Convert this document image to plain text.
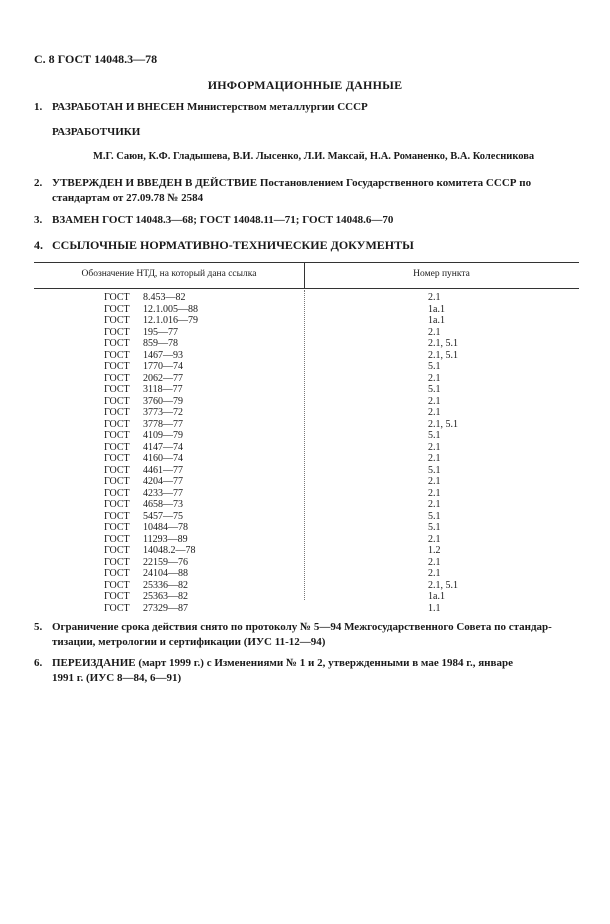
С. 8 ГОСТ 14048.3—78
ИНФОРМАЦИОННЫЕ ДАННЫЕ
1. РАЗРАБОТАН И ВНЕСЕН Министерством металлургии СССР
РАЗРАБОТЧИКИ
М.Г. Саюн, К.Ф. Гладышева, В.И. Лысенко, Л.И. Максай, Н.А. Романенко, В.А. Колесникова
2. УТВЕРЖДЕН И ВВЕДЕН В ДЕЙСТВИЕ Постановлением Государственного комитета СССР по
стандартам от 27.09.78 № 2584
3. ВЗАМЕН ГОСТ 14048.3—68; ГОСТ 14048.11—71; ГОСТ 14048.6—70
4. ССЫЛОЧНЫЕ НОРМАТИВНО-ТЕХНИЧЕСКИЕ ДОКУМЕНТЫ
Обозначение НТД, на который дана ссылка	Номер пункта
ГОСТ	8.453—82	2.1
ГОСТ	12.1.005—88	1а.1
ГОСТ	12.1.016—79	1а.1
ГОСТ	195—77	2.1
ГОСТ	859—78	2.1, 5.1
ГОСТ	1467—93	2.1, 5.1
ГОСТ	1770—74	5.1
ГОСТ	2062—77	2.1
ГОСТ	3118—77	5.1
ГОСТ	3760—79	2.1
ГОСТ	3773—72	2.1
ГОСТ	3778—77	2.1, 5.1
ГОСТ	4109—79	5.1
ГОСТ	4147—74	2.1
ГОСТ	4160—74	2.1
ГОСТ	4461—77	5.1
ГОСТ	4204—77	2.1
ГОСТ	4233—77	2.1
ГОСТ	4658—73	2.1
ГОСТ	5457—75	5.1
ГОСТ	10484—78	5.1
ГОСТ	11293—89	2.1
ГОСТ	14048.2—78	1.2
ГОСТ	22159—76	2.1
ГОСТ	24104—88	2.1
ГОСТ	25336—82	2.1, 5.1
ГОСТ	25363—82	1а.1
ГОСТ	27329—87	1.1
5. Ограничение срока действия снято по протоколу № 5—94 Межгосударственного Совета по стандар-
тизации, метрологии и сертификации (ИУС 11-12—94)
6. ПЕРЕИЗДАНИЕ (март 1999 г.) с Изменениями № 1 и 2, утвержденными в мае 1984 г., январе
1991 г. (ИУС 8—84, 6—91)
